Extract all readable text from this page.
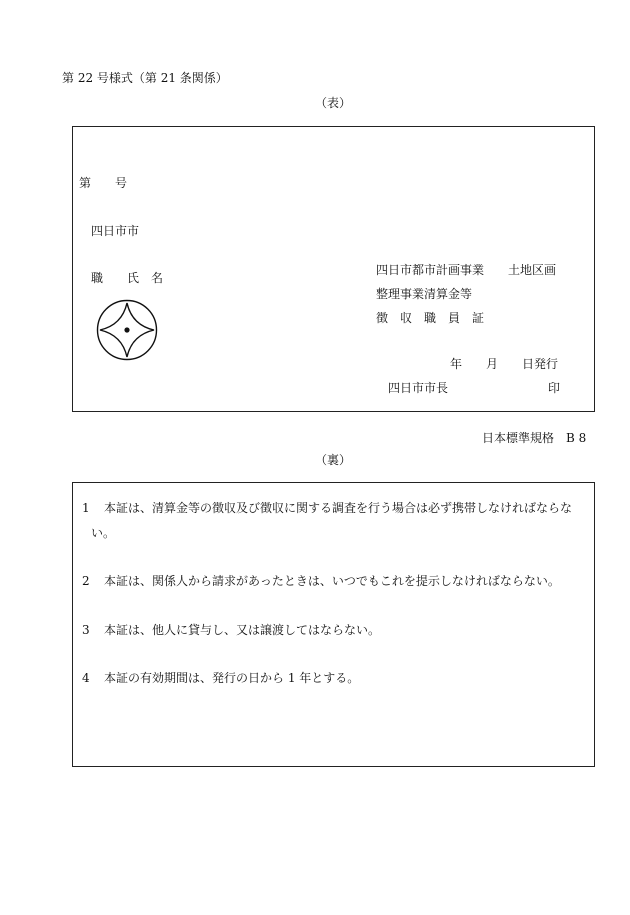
第 22 号様式（第 21 条関係）
（表）
第　　号
四日市市
職　　氏　名
四日市都市計画事業　　土地区画
整理事業清算金等
徴　収　職　員　証
年　　月　　日発行
四日市市長	印
日本標準規格　B 8
（裏）
1 本証は、清算金等の徴収及び徴収に関する調査を行う場合は必ず携帯しなければならな
い。
2 本証は、関係人から請求があったときは、いつでもこれを提示しなければならない。
3 本証は、他人に貸与し、又は譲渡してはならない。
4 本証の有効期間は、発行の日から 1 年とする。
